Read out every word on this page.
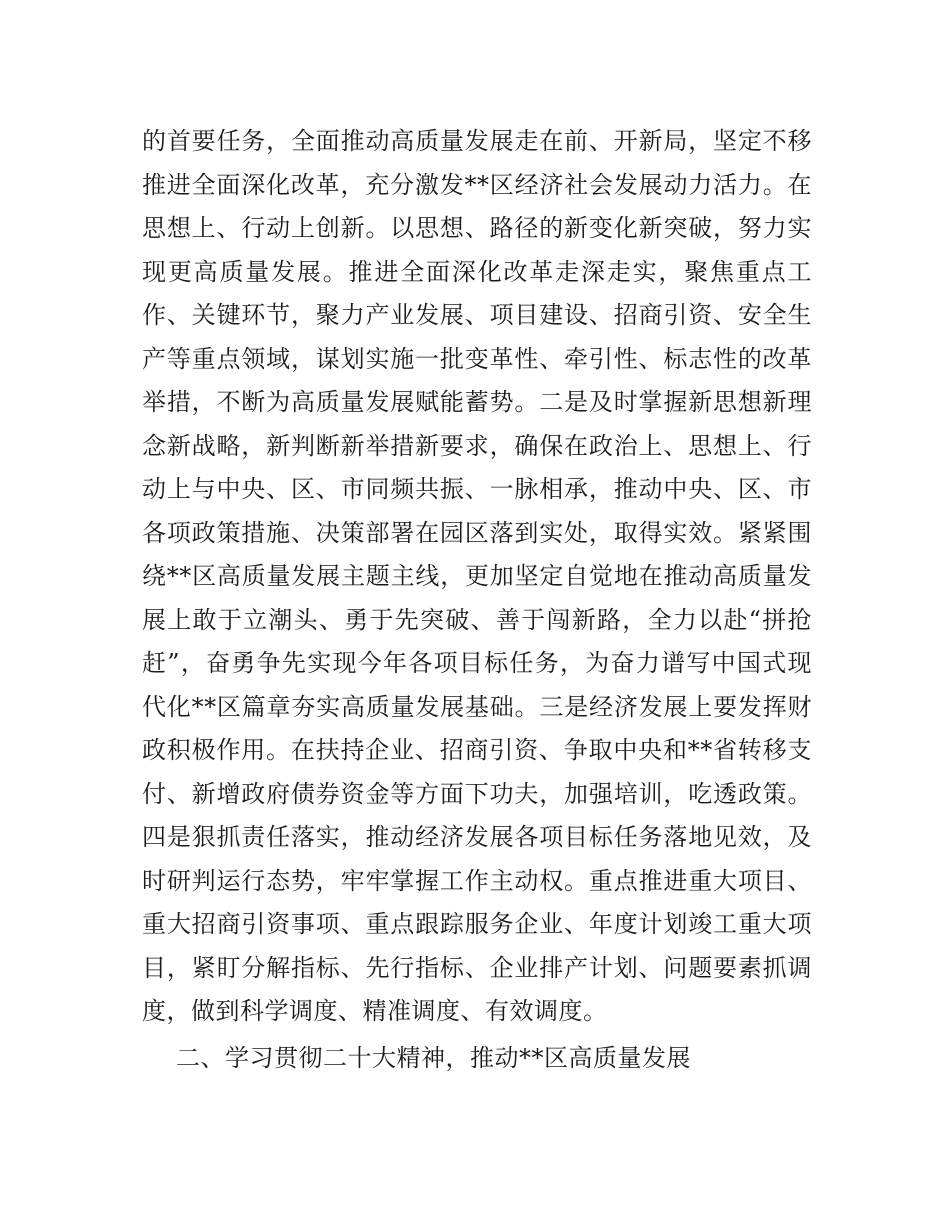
的首要任务，全面推动高质量发展走在前、开新局，坚定不移推进全面深化改革，充分激发**区经济社会发展动力活力。在思想上、行动上创新。以思想、路径的新变化新突破，努力实现更高质量发展。推进全面深化改革走深走实，聚焦重点工作、关键环节，聚力产业发展、项目建设、招商引资、安全生产等重点领域，谋划实施一批变革性、牵引性、标志性的改革举措，不断为高质量发展赋能蓄势。二是及时掌握新思想新理念新战略，新判断新举措新要求，确保在政治上、思想上、行动上与中央、区、市同频共振、一脉相承，推动中央、区、市各项政策措施、决策部署在园区落到实处，取得实效。紧紧围绕**区高质量发展主题主线，更加坚定自觉地在推动高质量发展上敢于立潮头、勇于先突破、善于闯新路，全力以赴“拼抢赶”，奋勇争先实现今年各项目标任务，为奋力谱写中国式现代化**区篇章夯实高质量发展基础。三是经济发展上要发挥财政积极作用。在扶持企业、招商引资、争取中央和**省转移支付、新增政府债券资金等方面下功夫，加强培训，吃透政策。四是狠抓责任落实，推动经济发展各项目标任务落地见效，及时研判运行态势，牢牢掌握工作主动权。重点推进重大项目、重大招商引资事项、重点跟踪服务企业、年度计划竣工重大项目，紧盯分解指标、先行指标、企业排产计划、问题要素抓调度，做到科学调度、精准调度、有效调度。

二、学习贯彻二十大精神，推动**区高质量发展
